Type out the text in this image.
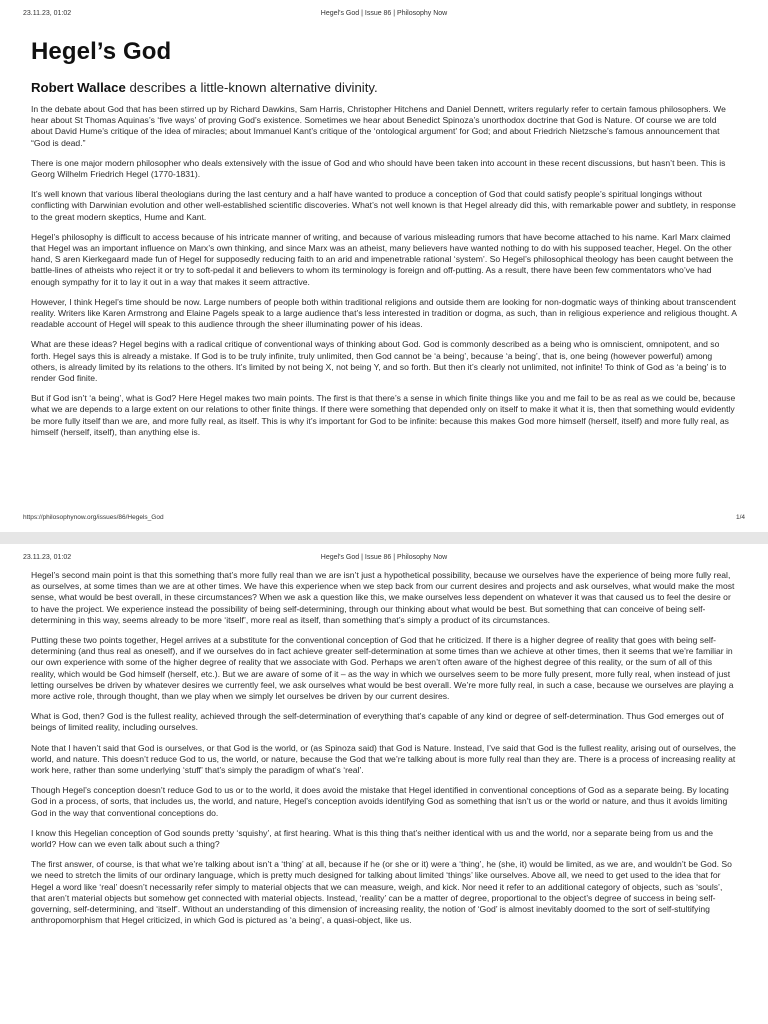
23.11.23, 01:02	Hegel’s God | Issue 86 | Philosophy Now
Hegel’s God
Robert Wallace describes a little-known alternative divinity.

In the debate about God that has been stirred up by Richard Dawkins, Sam Harris, Christopher Hitchens and Daniel Dennett, writers regularly refer to certain famous philosophers. We hear about St Thomas Aquinas’s ‘five ways’ of proving God’s existence. Sometimes we hear about Benedict Spinoza’s unorthodox doctrine that God is Nature. Of course we are told about David Hume’s critique of the idea of miracles; about Immanuel Kant’s critique of the ‘ontological argument’ for God; and about Friedrich Nietzsche’s famous announcement that “God is dead.”

There is one major modern philosopher who deals extensively with the issue of God and who should have been taken into account in these recent discussions, but hasn’t been. This is Georg Wilhelm Friedrich Hegel (1770-1831).

It’s well known that various liberal theologians during the last century and a half have wanted to produce a conception of God that could satisfy people’s spiritual longings without conflicting with Darwinian evolution and other well-established scientific discoveries. What’s not well known is that Hegel already did this, with remarkable power and subtlety, in response to the great modern skeptics, Hume and Kant.

Hegel’s philosophy is difficult to access because of his intricate manner of writing, and because of various misleading rumors that have become attached to his name. Karl Marx claimed that Hegel was an important influence on Marx’s own thinking, and since Marx was an atheist, many believers have wanted nothing to do with his supposed teacher, Hegel. On the other hand, S aren Kierkegaard made fun of Hegel for supposedly reducing faith to an arid and impenetrable rational ‘system’. So Hegel’s philosophical theology has been caught between the battle-lines of atheists who reject it or try to soft-pedal it and believers to whom its terminology is foreign and off-putting. As a result, there have been few commentators who’ve had enough sympathy for it to lay it out in a way that makes it seem attractive.

However, I think Hegel’s time should be now. Large numbers of people both within traditional religions and outside them are looking for non-dogmatic ways of thinking about transcendent reality. Writers like Karen Armstrong and Elaine Pagels speak to a large audience that’s less interested in tradition or dogma, as such, than in religious experience and religious thought. A readable account of Hegel will speak to this audience through the sheer illuminating power of his ideas.

What are these ideas? Hegel begins with a radical critique of conventional ways of thinking about God. God is commonly described as a being who is omniscient, omnipotent, and so forth. Hegel says this is already a mistake. If God is to be truly infinite, truly unlimited, then God cannot be ‘a being’, because ‘a being’, that is, one being (however powerful) among others, is already limited by its relations to the others. It’s limited by not being X, not being Y, and so forth. But then it’s clearly not unlimited, not infinite! To think of God as ‘a being’ is to render God finite.

But if God isn’t ‘a being’, what is God? Here Hegel makes two main points. The first is that there’s a sense in which finite things like you and me fail to be as real as we could be, because what we are depends to a large extent on our relations to other finite things. If there were something that depended only on itself to make it what it is, then that something would evidently be more fully itself than we are, and more fully real, as itself. This is why it’s important for God to be infinite: because this makes God more himself (herself, itself) and more fully real, as himself (herself, itself), than anything else is.

https://philosophynow.org/issues/86/Hegels_God	1/4
23.11.23, 01:02	Hegel’s God | Issue 86 | Philosophy Now

Hegel’s second main point is that this something that’s more fully real than we are isn’t just a hypothetical possibility, because we ourselves have the experience of being more fully real, as ourselves, at some times than we are at other times. We have this experience when we step back from our current desires and projects and ask ourselves, what would make the most sense, what would be best overall, in these circumstances? When we ask a question like this, we make ourselves less dependent on whatever it was that caused us to feel the desire or to have the project. We experience instead the possibility of being self-determining, through our thinking about what would be best. But something that can conceive of being self-determining in this way, seems already to be more ‘itself’, more real as itself, than something that’s simply a product of its circumstances.

Putting these two points together, Hegel arrives at a substitute for the conventional conception of God that he criticized. If there is a higher degree of reality that goes with being self-determining (and thus real as oneself), and if we ourselves do in fact achieve greater self-determination at some times than we achieve at other times, then it seems that we’re familiar in our own experience with some of the higher degree of reality that we associate with God. Perhaps we aren’t often aware of the highest degree of this reality, or the sum of all of this reality, which would be God himself (herself, etc.). But we are aware of some of it – as the way in which we ourselves seem to be more fully present, more fully real, when instead of just letting ourselves be driven by whatever desires we currently feel, we ask ourselves what would be best overall. We’re more fully real, in such a case, because we ourselves are playing a more active role, through thought, than we play when we simply let ourselves be driven by our current desires.

What is God, then? God is the fullest reality, achieved through the self-determination of everything that’s capable of any kind or degree of self-determination. Thus God emerges out of beings of limited reality, including ourselves.

Note that I haven’t said that God is ourselves, or that God is the world, or (as Spinoza said) that God is Nature. Instead, I’ve said that God is the fullest reality, arising out of ourselves, the world, and nature. This doesn’t reduce God to us, the world, or nature, because the God that we’re talking about is more fully real than they are. There is a process of increasing reality at work here, rather than some underlying ‘stuff’ that’s simply the paradigm of what’s ‘real’.

Though Hegel’s conception doesn’t reduce God to us or to the world, it does avoid the mistake that Hegel identified in conventional conceptions of God as a separate being. By locating God in a process, of sorts, that includes us, the world, and nature, Hegel’s conception avoids identifying God as something that isn’t us or the world or nature, and thus it avoids limiting God in the way that conventional conceptions do.

I know this Hegelian conception of God sounds pretty ‘squishy’, at first hearing. What is this thing that’s neither identical with us and the world, nor a separate being from us and the world? How can we even talk about such a thing?

The first answer, of course, is that what we’re talking about isn’t a ‘thing’ at all, because if he (or she or it) were a ‘thing’, he (she, it) would be limited, as we are, and wouldn’t be God. So we need to stretch the limits of our ordinary language, which is pretty much designed for talking about limited ‘things’ like ourselves. Above all, we need to get used to the idea that for Hegel a word like ‘real’ doesn’t necessarily refer simply to material objects that we can measure, weigh, and kick. Nor need it refer to an additional category of objects, such as ‘souls’, that aren’t material objects but somehow get connected with material objects. Instead, ‘reality’ can be a matter of degree, proportional to the object’s degree of success in being self-governing, self-determining, and ‘itself’. Without an understanding of this dimension of increasing reality, the notion of ‘God’ is almost inevitably doomed to the sort of self-stultifying anthropomorphism that Hegel criticized, in which God is pictured as ‘a being’, a quasi-object, like us.
